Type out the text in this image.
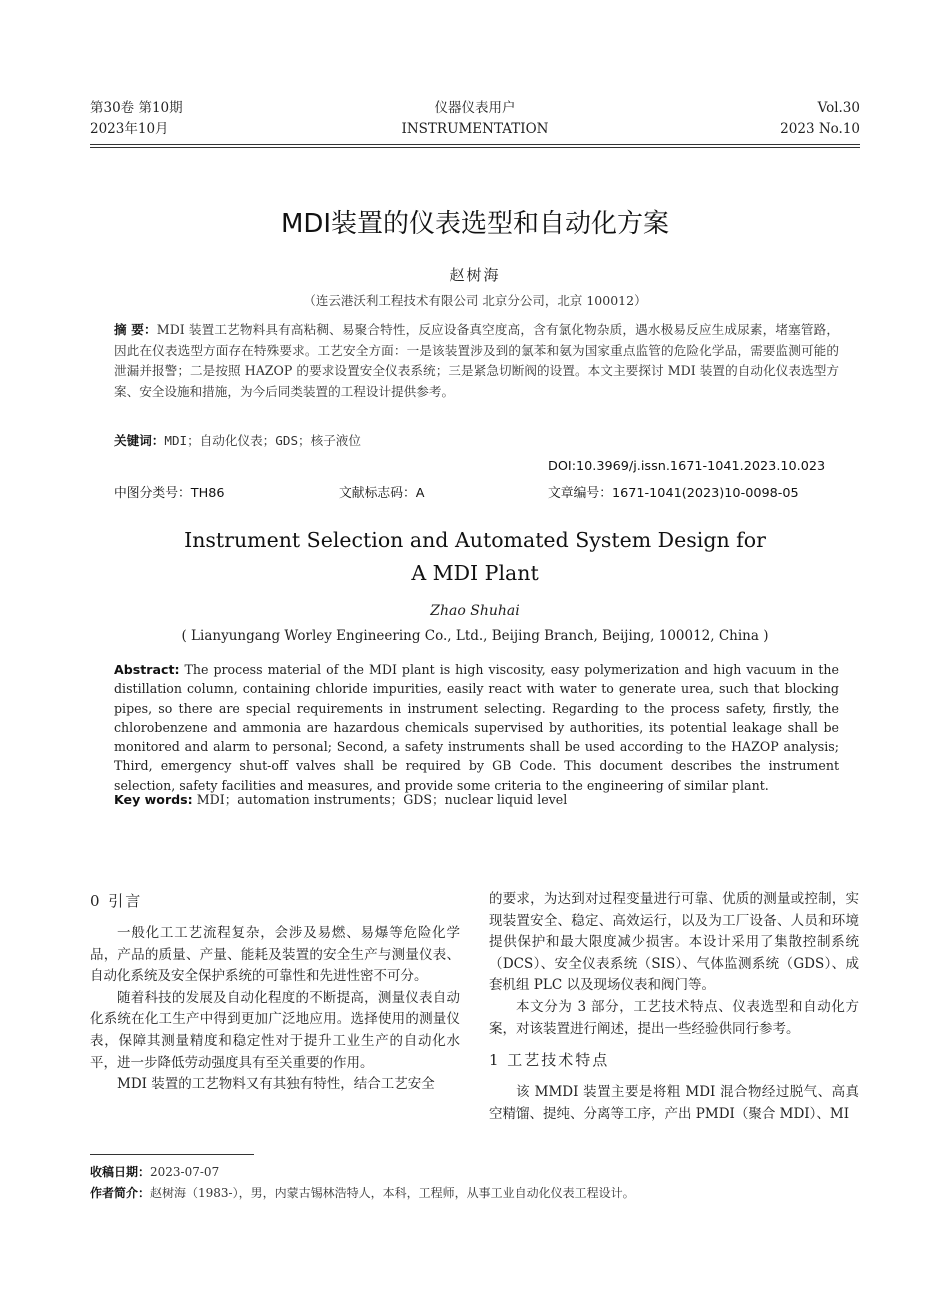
第30卷 第10期
2023年10月
仪器仪表用户
INSTRUMENTATION
Vol.30
2023 No.10
MDI装置的仪表选型和自动化方案
赵树海
（连云港沃利工程技术有限公司 北京分公司，北京 100012）
摘 要：MDI 装置工艺物料具有高粘稠、易聚合特性，反应设备真空度高，含有氯化物杂质，遇水极易反应生成尿素，堵塞管路，因此在仪表选型方面存在特殊要求。工艺安全方面：一是该装置涉及到的氯苯和氨为国家重点监管的危险化学品，需要监测可能的泄漏并报警；二是按照 HAZOP 的要求设置安全仪表系统；三是紧急切断阀的设置。本文主要探讨 MDI 装置的自动化仪表选型方案、安全设施和措施，为今后同类装置的工程设计提供参考。
关键词：MDI；自动化仪表；GDS；核子液位
DOI:10.3969/j.issn.1671-1041.2023.10.023
中图分类号：TH86	文献标志码：A	文章编号：1671-1041(2023)10-0098-05
Instrument Selection and Automated System Design for
A MDI Plant
Zhao Shuhai
( Lianyungang Worley Engineering Co., Ltd., Beijing Branch, Beijing, 100012, China )
Abstract: The process material of the MDI plant is high viscosity, easy polymerization and high vacuum in the distillation column, containing chloride impurities, easily react with water to generate urea, such that blocking pipes, so there are special requirements in instrument selecting. Regarding to the process safety, firstly, the chlorobenzene and ammonia are hazardous chemicals supervised by authorities, its potential leakage shall be monitored and alarm to personal; Second, a safety instruments shall be used according to the HAZOP analysis; Third, emergency shut-off valves shall be required by GB Code. This document describes the instrument selection, safety facilities and measures, and provide some criteria to the engineering of similar plant.
Key words: MDI；automation instruments；GDS；nuclear liquid level
0 引言

一般化工工艺流程复杂，会涉及易燃、易爆等危险化学品，产品的质量、产量、能耗及装置的安全生产与测量仪表、自动化系统及安全保护系统的可靠性和先进性密不可分。

随着科技的发展及自动化程度的不断提高，测量仪表自动化系统在化工生产中得到更加广泛地应用。选择使用的测量仪表，保障其测量精度和稳定性对于提升工业生产的自动化水平，进一步降低劳动强度具有至关重要的作用。

MDI 装置的工艺物料又有其独有特性，结合工艺安全

的要求，为达到对过程变量进行可靠、优质的测量或控制，实现装置安全、稳定、高效运行，以及为工厂设备、人员和环境提供保护和最大限度减少损害。本设计采用了集散控制系统（DCS）、安全仪表系统（SIS）、气体监测系统（GDS）、成套机组 PLC 以及现场仪表和阀门等。

本文分为 3 部分，工艺技术特点、仪表选型和自动化方案，对该装置进行阐述，提出一些经验供同行参考。

1 工艺技术特点

该 MMDI 装置主要是将粗 MDI 混合物经过脱气、高真空精馏、提纯、分离等工序，产出 PMDI（聚合 MDI）、MI

收稿日期：2023-07-07
作者简介：赵树海（1983-），男，内蒙古锡林浩特人，本科，工程师，从事工业自动化仪表工程设计。
